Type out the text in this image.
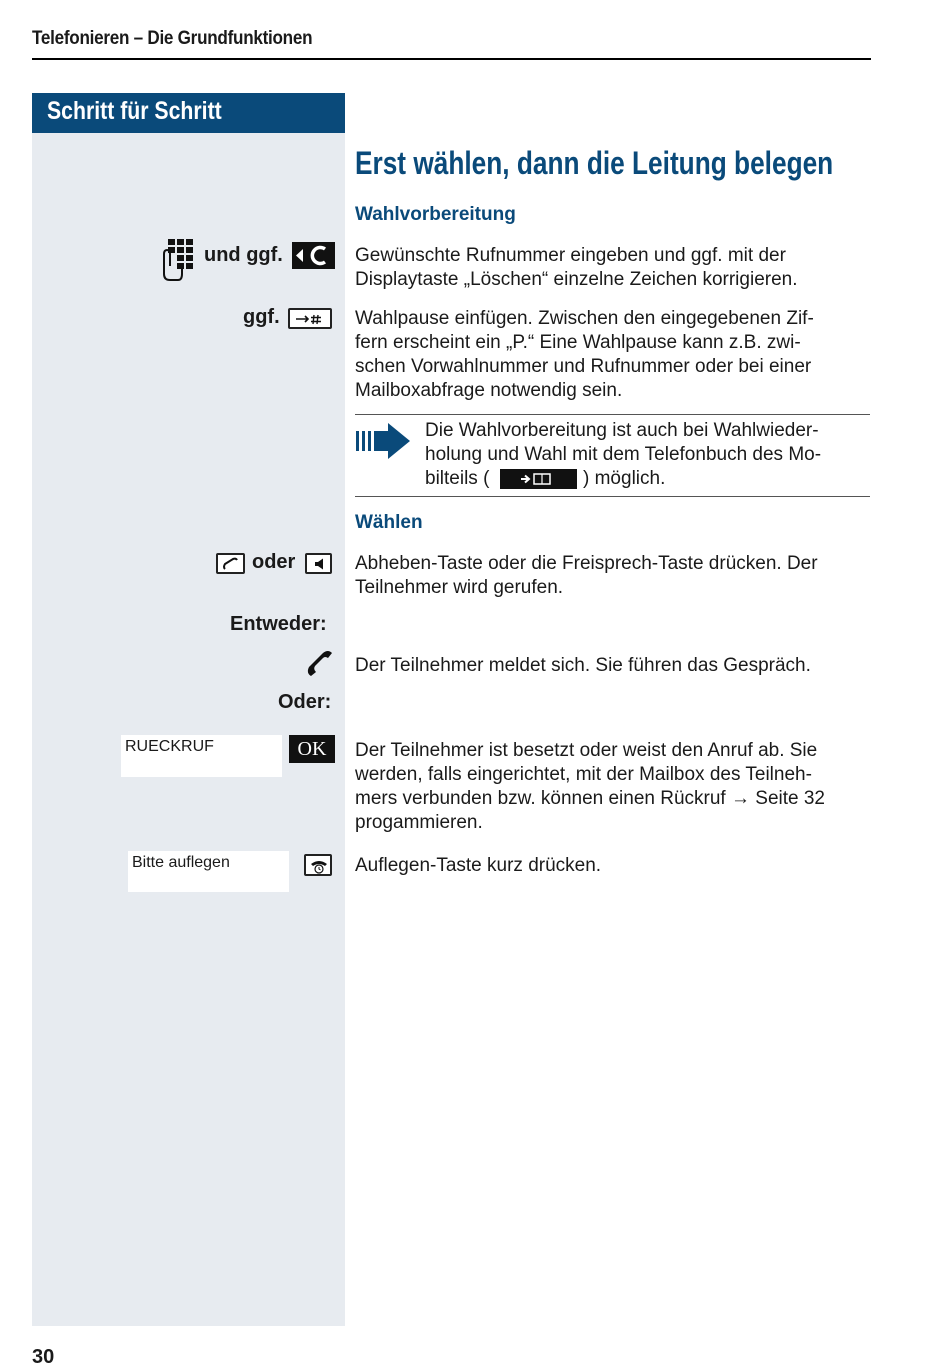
Telefonieren – Die Grundfunktionen
Schritt für Schritt
Erst wählen, dann die Leitung belegen
Wahlvorbereitung
und ggf.	Gewünschte Rufnummer eingeben und ggf. mit der
Displaytaste „Löschen“ einzelne Zeichen korrigieren.
ggf.	Wahlpause einfügen. Zwischen den eingegebenen Zif-
fern erscheint ein „P.“ Eine Wahlpause kann z.B. zwi-
schen Vorwahlnummer und Rufnummer oder bei einer
Mailboxabfrage notwendig sein.
Die Wahlvorbereitung ist auch bei Wahlwieder-
holung und Wahl mit dem Telefonbuch des Mo-
bilteils (	) möglich.
Wählen
oder	Abheben-Taste oder die Freisprech-Taste drücken. Der
Teilnehmer wird gerufen.
Entweder:
Der Teilnehmer meldet sich. Sie führen das Gespräch.
Oder:
RUECKRUF	OK	Der Teilnehmer ist besetzt oder weist den Anruf ab. Sie
werden, falls eingerichtet, mit der Mailbox des Teilneh-
mers verbunden bzw. können einen Rückruf → Seite 32
progammieren.
Bitte auflegen	Auflegen-Taste kurz drücken.
30
